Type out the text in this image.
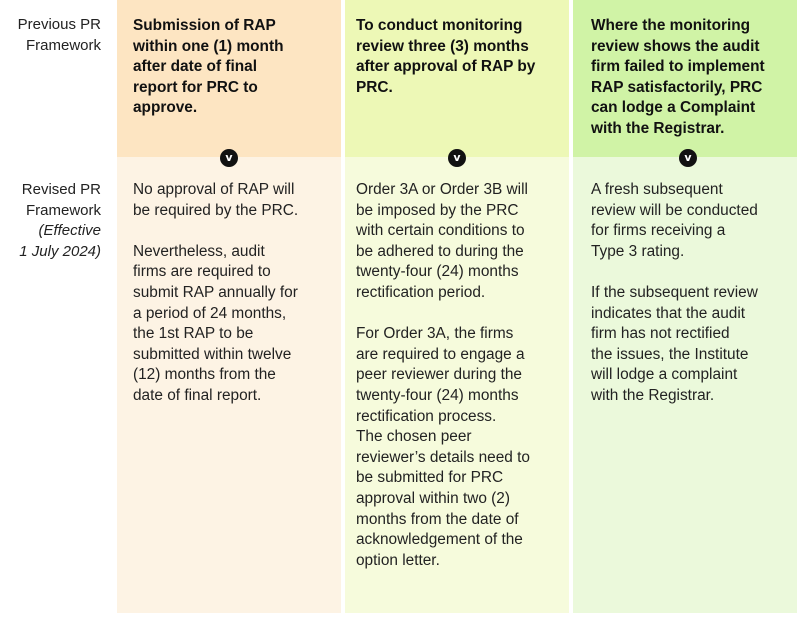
Previous PR
Framework
Revised PR
Framework
(Effective
1 July 2024)
Submission of RAP
within one (1) month
after date of final
report for PRC to
approve.

No approval of RAP will
be required by the PRC.

Nevertheless, audit
firms are required to
submit RAP annually for
a period of 24 months,
the 1st RAP to be
submitted within twelve
(12) months from the
date of final report.

v
To conduct monitoring
review three (3) months
after approval of RAP by
PRC.

Order 3A or Order 3B will
be imposed by the PRC
with certain conditions to
be adhered to during the
twenty-four (24) months
rectification period.

For Order 3A, the firms
are required to engage a
peer reviewer during the
twenty-four (24) months
rectification process.
The chosen peer
reviewer’s details need to
be submitted for PRC
approval within two (2)
months from the date of
acknowledgement of the
option letter.

v
Where the monitoring
review shows the audit
firm failed to implement
RAP satisfactorily, PRC
can lodge a Complaint
with the Registrar.

A fresh subsequent
review will be conducted
for firms receiving a
Type 3 rating.

If the subsequent review
indicates that the audit
firm has not rectified
the issues, the Institute
will lodge a complaint
with the Registrar.

v
